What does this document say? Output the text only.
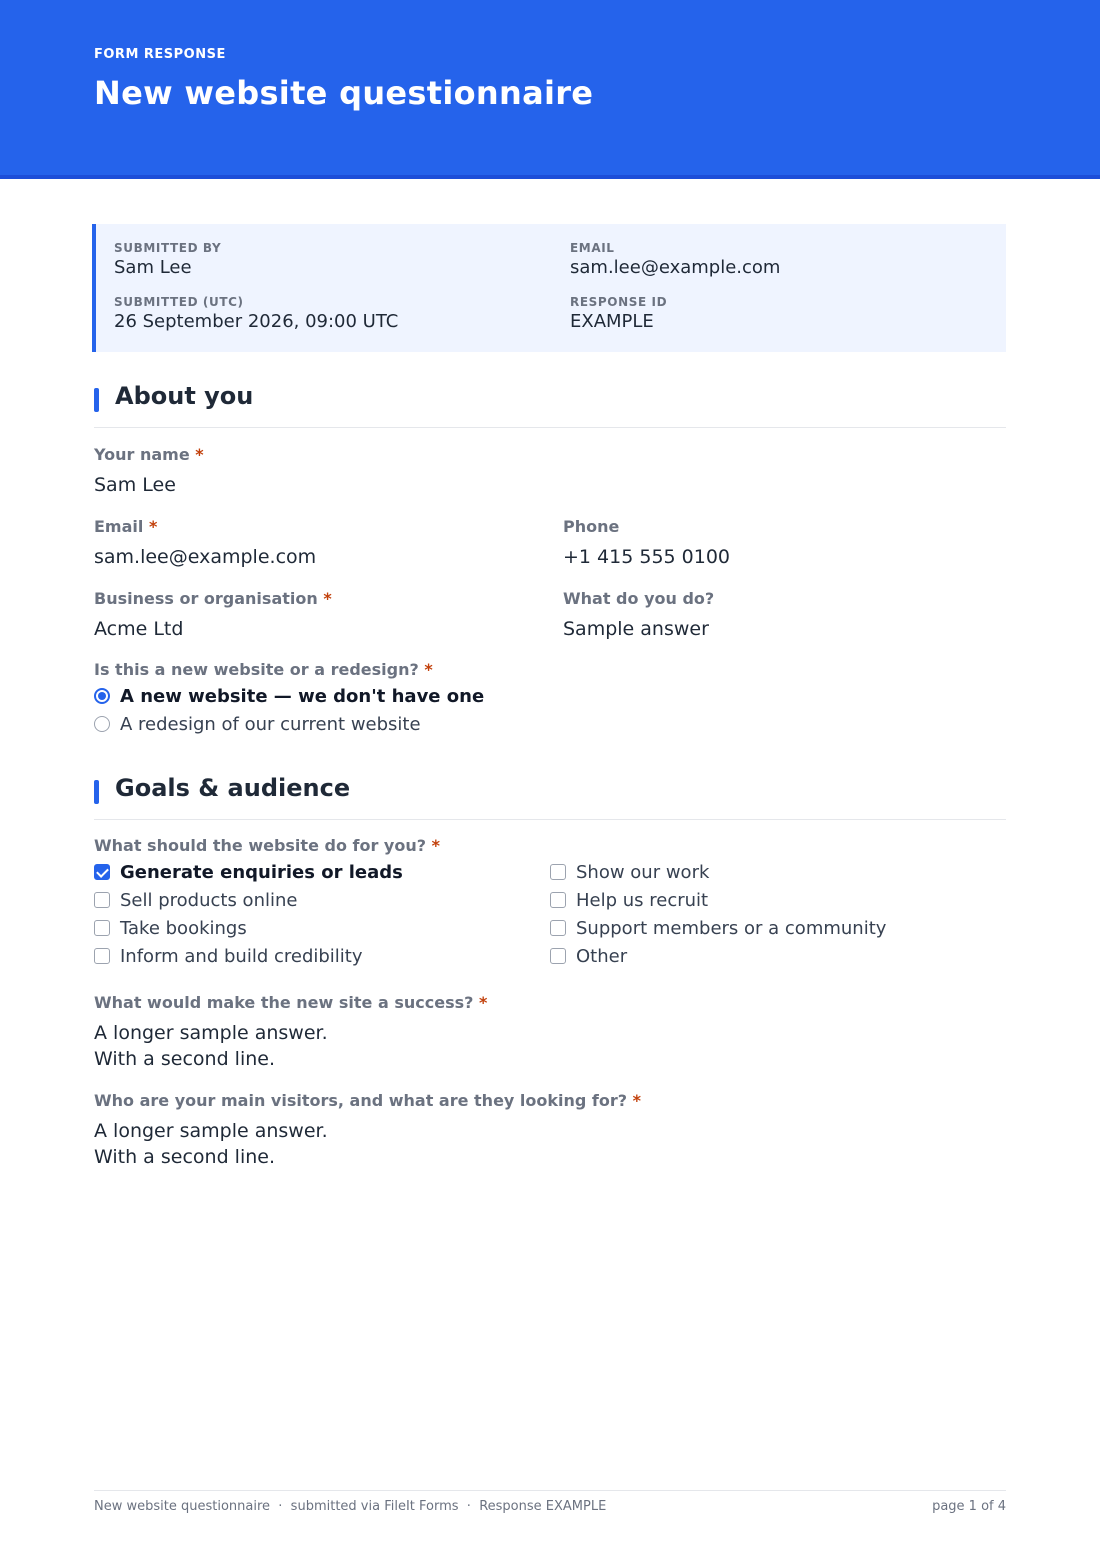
FORM RESPONSE
New website questionnaire
SUBMITTED BY
Sam Lee
EMAIL
sam.lee@example.com
SUBMITTED (UTC)
26 September 2026, 09:00 UTC
RESPONSE ID
EXAMPLE
About you
Your name *
Sam Lee
Email *
sam.lee@example.com
Phone
+1 415 555 0100
Business or organisation *
Acme Ltd
What do you do?
Sample answer
Is this a new website or a redesign? *
A new website — we don't have one
A redesign of our current website
Goals & audience
What should the website do for you? *
Generate enquiries or leads
Sell products online
Take bookings
Inform and build credibility
Show our work
Help us recruit
Support members or a community
Other
What would make the new site a success? *
A longer sample answer.
With a second line.
Who are your main visitors, and what are they looking for? *
A longer sample answer.
With a second line.
New website questionnaire  ·  submitted via FileIt Forms  ·  Response EXAMPLE	page 1 of 4
